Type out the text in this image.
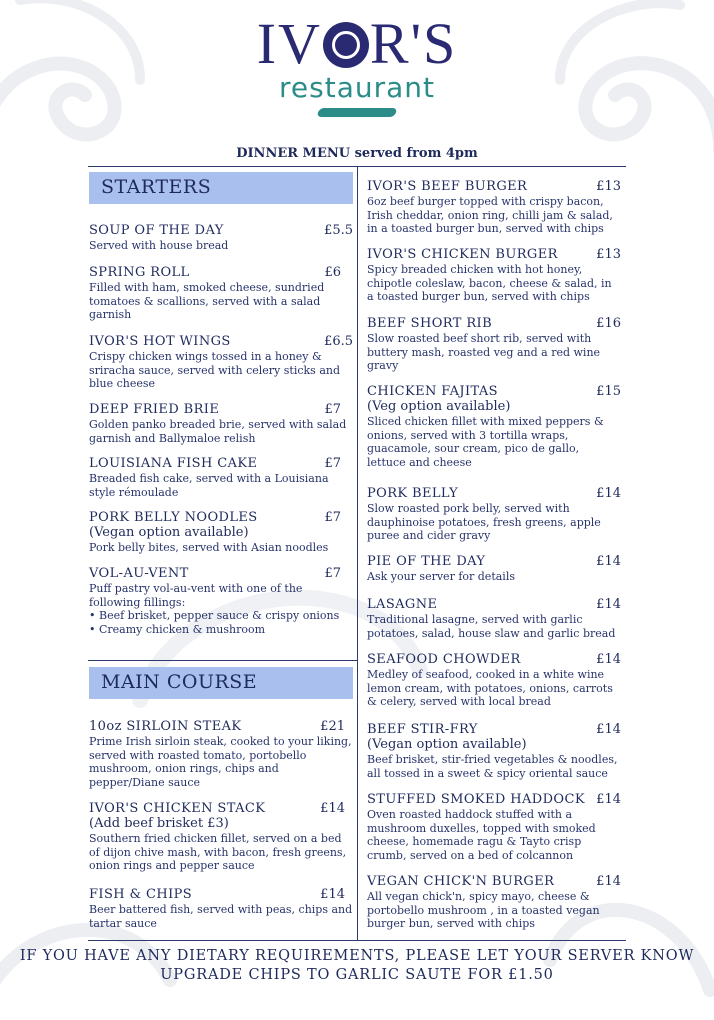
IV R'S
restaurant
DINNER MENU served from 4pm
STARTERS
MAIN COURSE
SOUP OF THE DAY	£5.5
Served with house bread
SPRING ROLL	£6
Filled with ham, smoked cheese, sundried tomatoes & scallions, served with a salad garnish
IVOR'S HOT WINGS	£6.5
Crispy chicken wings tossed in a honey & sriracha sauce, served with celery sticks and blue cheese
DEEP FRIED BRIE	£7
Golden panko breaded brie, served with salad garnish and Ballymaloe relish
LOUISIANA FISH CAKE	£7
Breaded fish cake, served with a Louisiana style rémoulade
PORK BELLY NOODLES	£7
(Vegan option available)
Pork belly bites, served with Asian noodles
VOL-AU-VENT	£7
Puff pastry vol-au-vent with one of the following fillings:
• Beef brisket, pepper sauce & crispy onions
• Creamy chicken & mushroom
10oz SIRLOIN STEAK	£21
Prime Irish sirloin steak, cooked to your liking, served with roasted tomato, portobello mushroom, onion rings, chips and pepper/Diane sauce
IVOR'S CHICKEN STACK	£14
(Add beef brisket £3)
Southern fried chicken fillet, served on a bed of dijon chive mash, with bacon, fresh greens, onion rings and pepper sauce
FISH & CHIPS	£14
Beer battered fish, served with peas, chips and tartar sauce
IVOR'S BEEF BURGER	£13
6oz beef burger topped with crispy bacon, Irish cheddar, onion ring, chilli jam & salad, in a toasted burger bun, served with chips
IVOR'S CHICKEN BURGER	£13
Spicy breaded chicken with hot honey, chipotle coleslaw, bacon, cheese & salad, in a toasted burger bun, served with chips
BEEF SHORT RIB	£16
Slow roasted beef short rib, served with buttery mash, roasted veg and a red wine gravy
CHICKEN FAJITAS	£15
(Veg option available)
Sliced chicken fillet with mixed peppers & onions, served with 3 tortilla wraps, guacamole, sour cream, pico de gallo, lettuce and cheese
PORK BELLY	£14
Slow roasted pork belly, served with dauphinoise potatoes, fresh greens, apple puree and cider gravy
PIE OF THE DAY	£14
Ask your server for details
LASAGNE	£14
Traditional lasagne, served with garlic potatoes, salad, house slaw and garlic bread
SEAFOOD CHOWDER	£14
Medley of seafood, cooked in a white wine lemon cream, with potatoes, onions, carrots & celery, served with local bread
BEEF STIR-FRY	£14
(Vegan option available)
Beef brisket, stir-fried vegetables & noodles, all tossed in a sweet & spicy oriental sauce
STUFFED SMOKED HADDOCK £14
Oven roasted haddock stuffed with a mushroom duxelles, topped with smoked cheese, homemade ragu & Tayto crisp crumb, served on a bed of colcannon
VEGAN CHICK'N BURGER	£14
All vegan chick'n, spicy mayo, cheese & portobello mushroom , in a toasted vegan burger bun, served with chips
IF YOU HAVE ANY DIETARY REQUIREMENTS, PLEASE LET YOUR SERVER KNOW
UPGRADE CHIPS TO GARLIC SAUTE FOR £1.50
